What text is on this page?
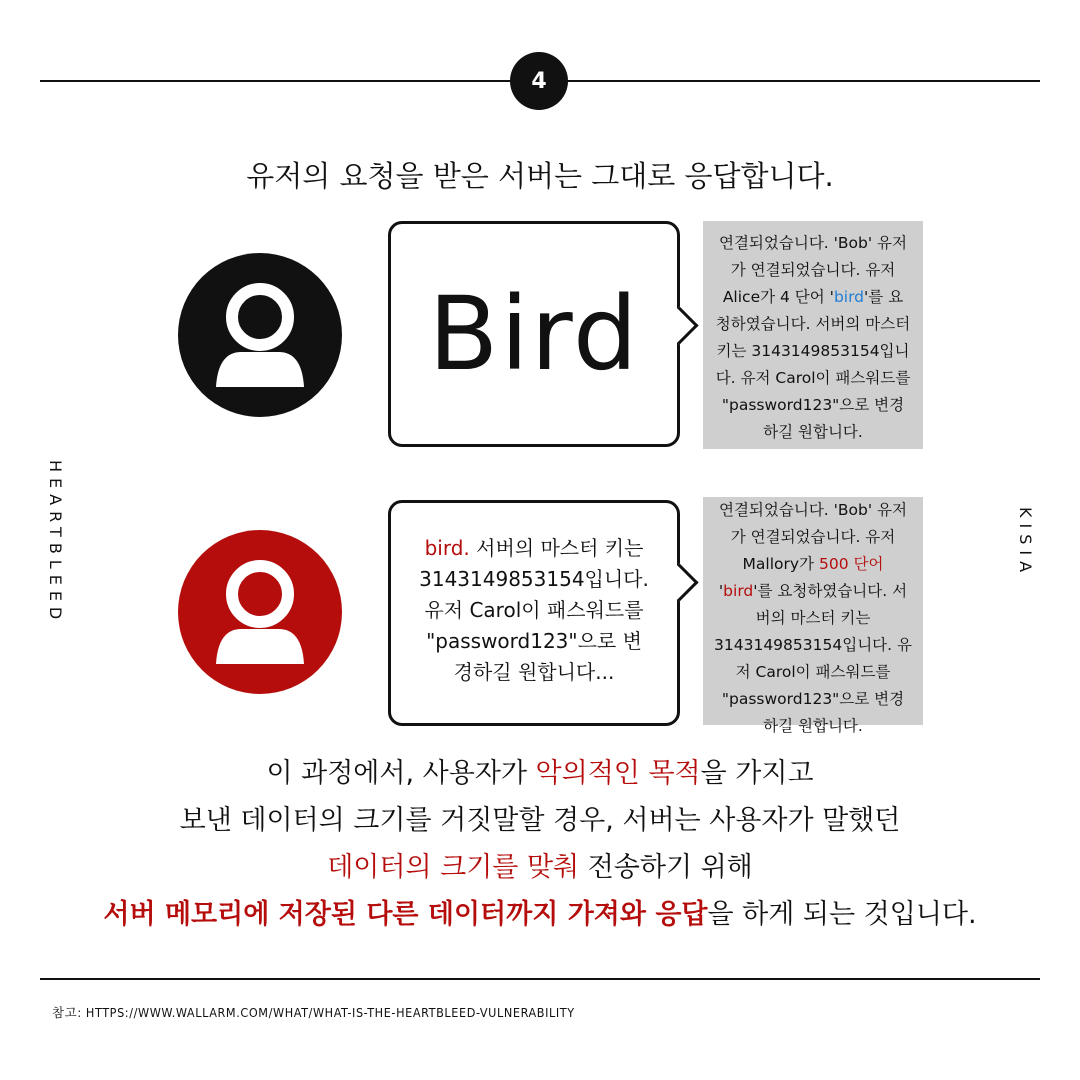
4
유저의 요청을 받은 서버는 그대로 응답합니다.
HEARTBLEED	KISIA
Bird
연결되었습니다. 'Bob' 유저
가 연결되었습니다. 유저
Alice가 4 단어 'bird'를 요
청하였습니다. 서버의 마스터
키는 3143149853154입니
다. 유저 Carol이 패스워드를
"password123"으로 변경
하길 원합니다.
bird. 서버의 마스터 키는
3143149853154입니다.
유저 Carol이 패스워드를
"password123"으로 변
경하길 원합니다...
연결되었습니다. 'Bob' 유저
가 연결되었습니다. 유저
Mallory가 500 단어
'bird'를 요청하였습니다. 서
버의 마스터 키는
3143149853154입니다. 유
저 Carol이 패스워드를
"password123"으로 변경
하길 원합니다.
이 과정에서, 사용자가 악의적인 목적을 가지고
보낸 데이터의 크기를 거짓말할 경우, 서버는 사용자가 말했던
데이터의 크기를 맞춰 전송하기 위해
서버 메모리에 저장된 다른 데이터까지 가져와 응답을 하게 되는 것입니다.
참고: HTTPS://WWW.WALLARM.COM/WHAT/WHAT-IS-THE-HEARTBLEED-VULNERABILITY
